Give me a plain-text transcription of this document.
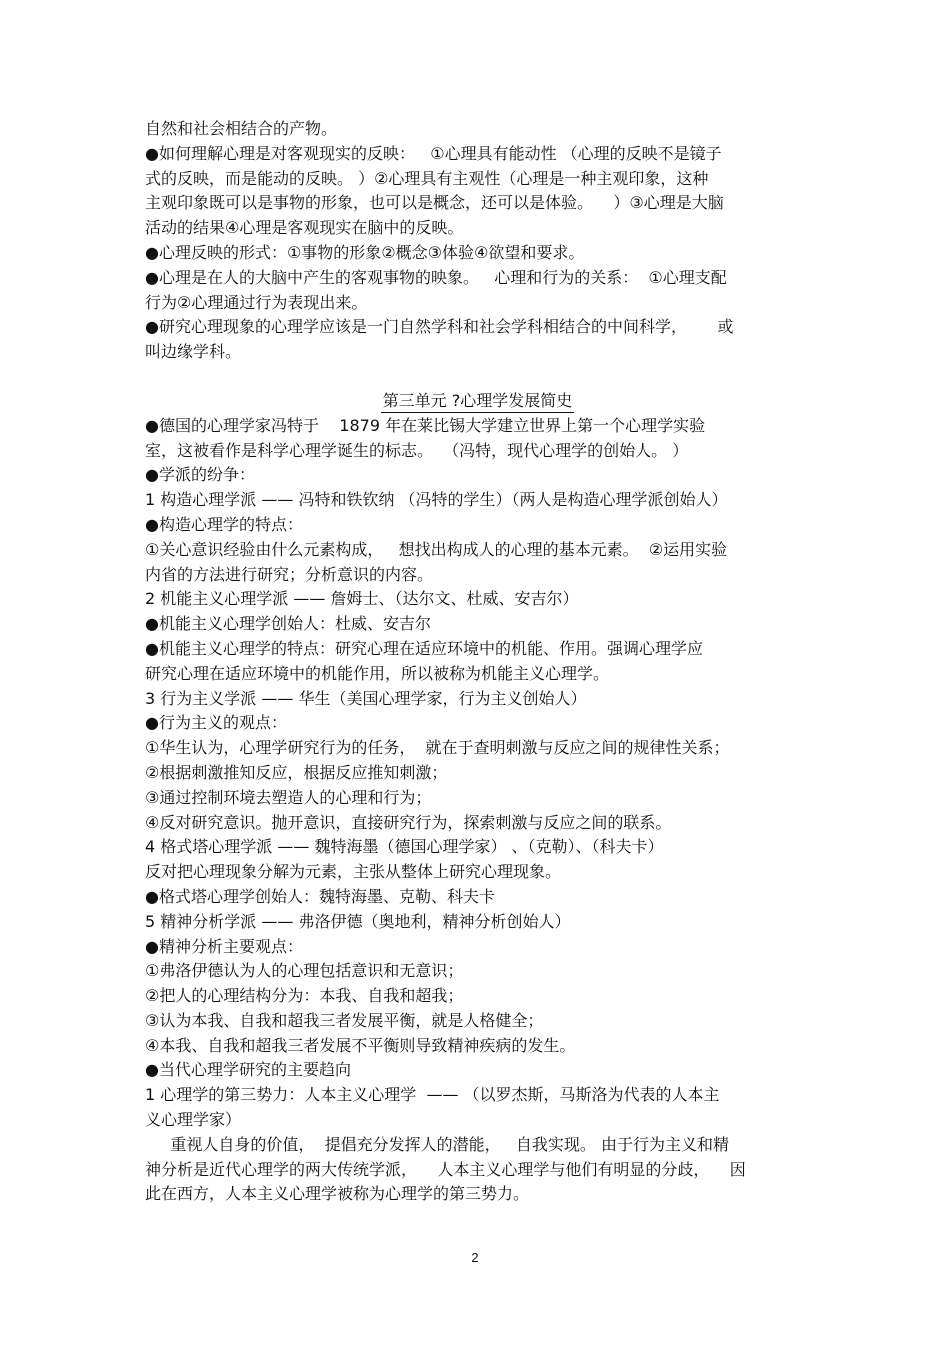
自然和社会相结合的产物。
●如何理解心理是对客观现实的反映：   ①心理具有能动性 （心理的反映不是镜子
式的反映，而是能动的反映。 ）②心理具有主观性（心理是一种主观印象，这种
主观印象既可以是事物的形象，也可以是概念，还可以是体验。    ）③心理是大脑
活动的结果④心理是客观现实在脑中的反映。
●心理反映的形式：①事物的形象②概念③体验④欲望和要求。
●心理是在人的大脑中产生的客观事物的映象。   心理和行为的关系：  ①心理支配
行为②心理通过行为表现出来。
●研究心理现象的心理学应该是一门自然学科和社会学科相结合的中间科学，      或
叫边缘学科。
第三单元 ?心理学发展简史
●德国的心理学家冯特于    1879 年在莱比锡大学建立世界上第一个心理学实验
室，这被看作是科学心理学诞生的标志。  （冯特，现代心理学的创始人。 ）
●学派的纷争：
1 构造心理学派 —— 冯特和铁钦纳 （冯特的学生）（两人是构造心理学派创始人）
●构造心理学的特点：
①关心意识经验由什么元素构成，   想找出构成人的心理的基本元素。  ②运用实验
内省的方法进行研究；分析意识的内容。
2 机能主义心理学派 —— 詹姆士、（达尔文、杜威、安吉尔）
●机能主义心理学创始人：杜威、安吉尔
●机能主义心理学的特点：研究心理在适应环境中的机能、作用。强调心理学应
研究心理在适应环境中的机能作用，所以被称为机能主义心理学。
3 行为主义学派 —— 华生（美国心理学家，行为主义创始人）
●行为主义的观点：
①华生认为，心理学研究行为的任务，  就在于查明刺激与反应之间的规律性关系；
②根据刺激推知反应，根据反应推知刺激；
③通过控制环境去塑造人的心理和行为；
④反对研究意识。抛开意识，直接研究行为，探索刺激与反应之间的联系。
4 格式塔心理学派 —— 魏特海墨（德国心理学家） 、（克勒）、（科夫卡）
反对把心理现象分解为元素，主张从整体上研究心理现象。
●格式塔心理学创始人：魏特海墨、克勒、科夫卡
5 精神分析学派 —— 弗洛伊德（奥地利，精神分析创始人）
●精神分析主要观点：
①弗洛伊德认为人的心理包括意识和无意识；
②把人的心理结构分为：本我、自我和超我；
③认为本我、自我和超我三者发展平衡，就是人格健全；
④本我、自我和超我三者发展不平衡则导致精神疾病的发生。
●当代心理学研究的主要趋向
1 心理学的第三势力：人本主义心理学  —— （以罗杰斯，马斯洛为代表的人本主
义心理学家）
重视人自身的价值，  提倡充分发挥人的潜能，   自我实现。 由于行为主义和精
神分析是近代心理学的两大传统学派，    人本主义心理学与他们有明显的分歧，    因
此在西方，人本主义心理学被称为心理学的第三势力。
2
